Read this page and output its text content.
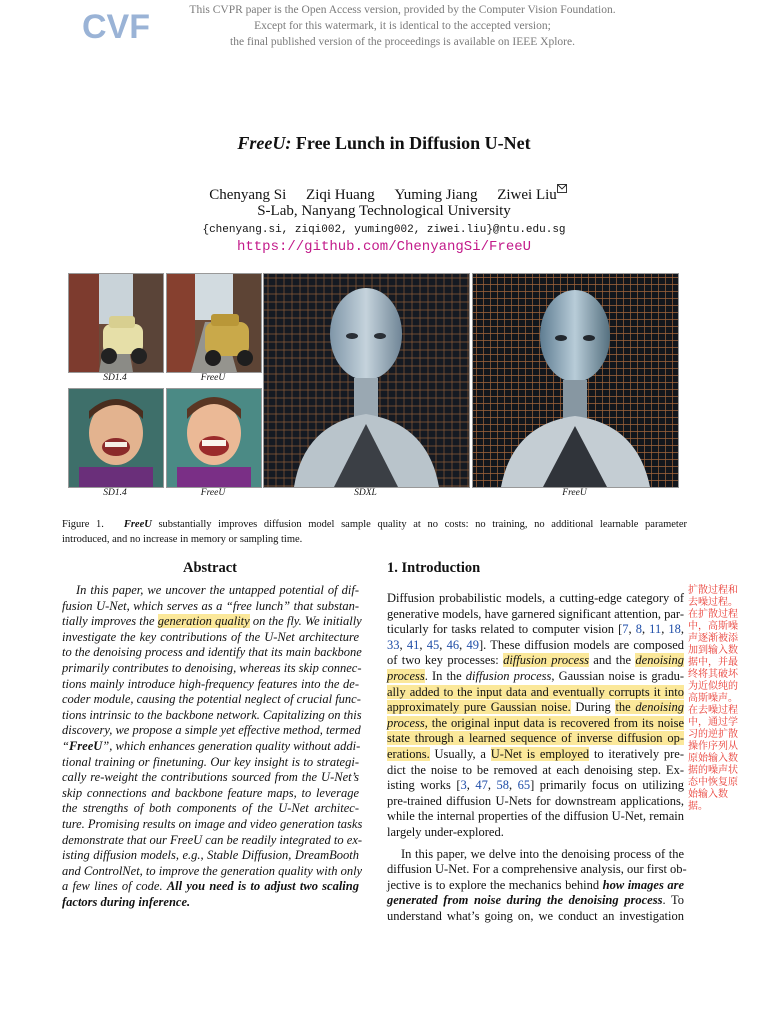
CVF	This CVPR paper is the Open Access version, provided by the Computer Vision Foundation.
Except for this watermark, it is identical to the accepted version;
the final published version of the proceedings is available on IEEE Xplore.
FreeU: Free Lunch in Diffusion U-Net
Chenyang Si Ziqi Huang Yuming Jiang Ziwei Liu
S-Lab, Nanyang Technological University
{chenyang.si, ziqi002, yuming002, ziwei.liu}@ntu.edu.sg
https://github.com/ChenyangSi/FreeU
SD1.4	FreeU
SD1.4	FreeU	SDXL	FreeU
Figure 1. FreeU substantially improves diffusion model sample quality at no costs: no training, no additional learnable parameter
introduced, and no increase in memory or sampling time.
Abstract
In this paper, we uncover the untapped potential of dif-
fusion U-Net, which serves as a “free lunch” that substan-
tially improves the generation quality on the fly. We initially
investigate the key contributions of the U-Net architecture
to the denoising process and identify that its main backbone
primarily contributes to denoising, whereas its skip connec-
tions mainly introduce high-frequency features into the de-
coder module, causing the potential neglect of crucial func-
tions intrinsic to the backbone network. Capitalizing on this
discovery, we propose a simple yet effective method, termed
“FreeU”, which enhances generation quality without addi-
tional training or finetuning. Our key insight is to strategi-
cally re-weight the contributions sourced from the U-Net’s
skip connections and backbone feature maps, to leverage
the strengths of both components of the U-Net architec-
ture. Promising results on image and video generation tasks
demonstrate that our FreeU can be readily integrated to ex-
isting diffusion models, e.g., Stable Diffusion, DreamBooth
and ControlNet, to improve the generation quality with only
a few lines of code. All you need is to adjust two scaling
factors during inference.
1. Introduction
Diffusion probabilistic models, a cutting-edge category of
generative models, have garnered significant attention, par-
ticularly for tasks related to computer vision [7, 8, 11, 18,
33, 41, 45, 46, 49]. These diffusion models are composed
of two key processes: diffusion process and the denoising
process. In the diffusion process, Gaussian noise is gradu-
ally added to the input data and eventually corrupts it into
approximately pure Gaussian noise. During the denoising
process, the original input data is recovered from its noise
state through a learned sequence of inverse diffusion op-
erations. Usually, a U-Net is employed to iteratively pre-
dict the noise to be removed at each denoising step. Ex-
isting works [3, 47, 58, 65] primarily focus on utilizing
pre-trained diffusion U-Nets for downstream applications,
while the internal properties of the diffusion U-Net, remain
largely under-explored.
In this paper, we delve into the denoising process of the
diffusion U-Net. For a comprehensive analysis, our first ob-
jective is to explore the mechanics behind how images are
generated from noise during the denoising process. To
understand what’s going on, we conduct an investigation
扩散过程和
去噪过程。
在扩散过程
中，高斯噪
声逐渐被添
加到输入数
据中，并最
终将其破坏
为近似纯的
高斯噪声。
在去噪过程
中，通过学
习的逆扩散
操作序列从
原始输入数
据的噪声状
态中恢复原
始输入数
据。
